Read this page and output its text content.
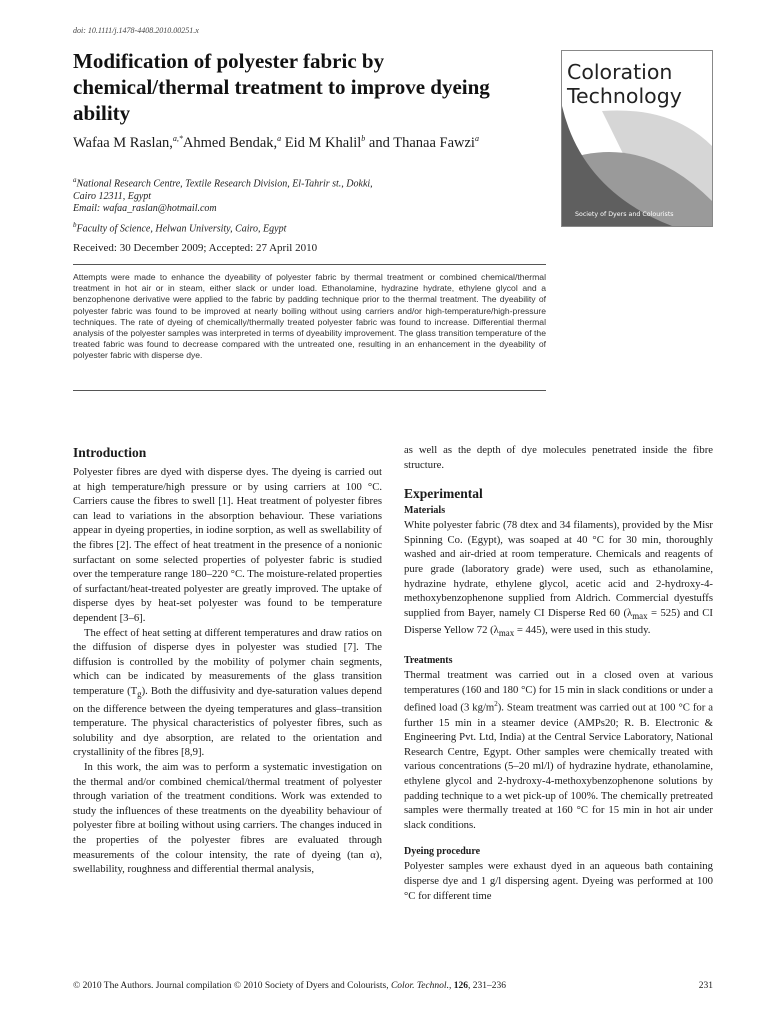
doi: 10.1111/j.1478-4408.2010.00251.x
Modification of polyester fabric by chemical/thermal treatment to improve dyeing ability
Coloration
Technology
Society of Dyers and Colourists
Wafaa M Raslan,$^{a,*}$Ahmed Bendak,$^a$ Eid M Khalil$^b$ and Thanaa Fawzi$^a$
$^a$National Research Centre, Textile Research Division, El-Tahrir st., Dokki,
Cairo 12311, Egypt
Email: wafaa_raslan@hotmail.com
$^b$Faculty of Science, Helwan University, Cairo, Egypt
Received: 30 December 2009; Accepted: 27 April 2010

Attempts were made to enhance the dyeability of polyester fabric by thermal treatment or combined chemical/thermal treatment in hot air or in steam, either slack or under load. Ethanolamine, hydrazine hydrate, ethylene glycol and a benzophenone derivative were applied to the fabric by padding technique prior to the thermal treatment. The dyeability of polyester fabric was found to be improved at nearly boiling without using carriers and/or high-temperature/high-pressure techniques. The rate of dyeing of chemically/thermally treated polyester fabric was found to increase. Differential thermal analysis of the polyester samples was interpreted in terms of dyeability improvement. The glass transition temperature of the treated fabric was found to decrease compared with the untreated one, resulting in an enhancement in the dyeability of polyester fabric with disperse dye.

Introduction

Polyester fibres are dyed with disperse dyes. The dyeing is carried out at high temperature/high pressure or by using carriers at 100 °C. Carriers cause the fibres to swell [1]. Heat treatment of polyester fibres can lead to variations in the absorption behaviour. These variations appear in dyeing properties, in iodine sorption, as well as swellability of the fibres [2]. The effect of heat treatment in the presence of a nonionic surfactant on some selected properties of polyester fabric is studied over the temperature range 180–220 °C. The moisture-related properties of surfactant/heat-treated polyester are greatly improved. The uptake of disperse dyes by heat-set polyester was found to be temperature dependent [3–6].

The effect of heat setting at different temperatures and draw ratios on the diffusion of disperse dyes in polyester was studied [7]. The diffusion is controlled by the mobility of polymer chain segments, which can be indicated by measurements of the glass transition temperature $(T_g)$. Both the diffusivity and dye-saturation values depend on the difference between the dyeing temperatures and glass–transition temperature. The physical characteristics of polyester fibres, such as solubility and dye absorption, are related to the orientation and crystallinity of the fibres [8,9].

In this work, the aim was to perform a systematic investigation on the thermal and/or combined chemical/thermal treatment of polyester through variation of the treatment conditions. Work was extended to study the influences of these treatments on the dyeability behaviour of polyester fibre at boiling without using carriers. The changes induced in the properties of the polyester fibres are evaluated through measurements of the colour intensity, the rate of dyeing (tan α), swellability, roughness and differential thermal analysis,

as well as the depth of dye molecules penetrated inside the fibre structure.

Experimental
Materials

White polyester fabric (78 dtex and 34 filaments), provided by the Misr Spinning Co. (Egypt), was soaped at 40 °C for 30 min, thoroughly washed and air-dried at room temperature. Chemicals and reagents of pure grade (laboratory grade) were used, such as ethanolamine, hydrazine hydrate, ethylene glycol, acetic acid and 2-hydroxy-4-methoxybenzophenone supplied from Aldrich. Commercial dyestuffs supplied from Bayer, namely CI Disperse Red 60 $(\lambda_{max} = 525)$ and CI Disperse Yellow 72 $(\lambda_{max} = 445)$, were used in this study.

Treatments

Thermal treatment was carried out in a closed oven at various temperatures (160 and 180 °C) for 15 min in slack conditions or under a defined load (3 $kg/m^2$). Steam treatment was carried out at 100 °C for a further 15 min in a steamer device (AMPs20; R. B. Electronic & Engineering Pvt. Ltd, India) at the Central Service Laboratory, National Research Centre, Egypt. Other samples were chemically treated with various concentrations (5–20 ml/l) of hydrazine hydrate, ethanolamine, ethylene glycol and 2-hydroxy-4-methoxybenzophenone solutions by padding technique to a wet pick-up of 100%. The chemically pretreated samples were thermally treated at 160 °C for 15 min in hot air under slack conditions.

Dyeing procedure

Polyester samples were exhaust dyed in an aqueous bath containing disperse dye and 1 g/l dispersing agent. Dyeing was performed at 100 °C for different time

© 2010 The Authors. Journal compilation © 2010 Society of Dyers and Colourists, Color. Technol., 126, 231–236	231
